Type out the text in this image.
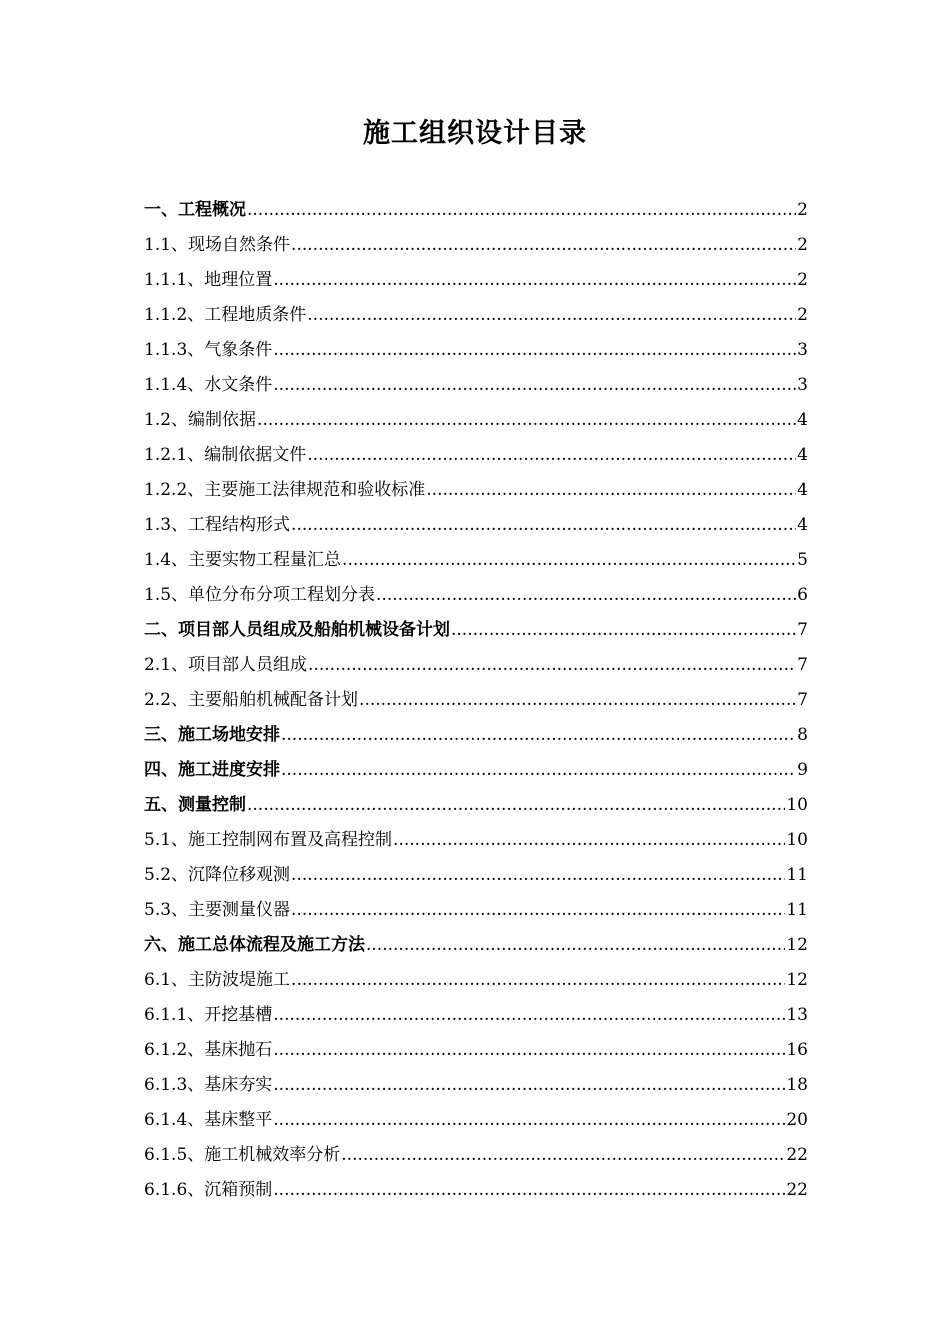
施工组织设计目录
一、工程概况 .....	2
1.1、现场自然条件 .....	2
1.1.1、地理位置 .....	2
1.1.2、工程地质条件 .....	2
1.1.3、气象条件 .....	3
1.1.4、水文条件 .....	3
1.2、编制依据 .....	4
1.2.1、编制依据文件 .....	4
1.2.2、主要施工法律规范和验收标准 .....	4
1.3、工程结构形式 .....	4
1.4、主要实物工程量汇总 .....	5
1.5、单位分布分项工程划分表 .....	6
二、项目部人员组成及船舶机械设备计划 .....	7
2.1、项目部人员组成 .....	7
2.2、主要船舶机械配备计划 .....	7
三、施工场地安排 .....	8
四、施工进度安排 .....	9
五、测量控制 .....	10
5.1、施工控制网布置及高程控制 .....	10
5.2、沉降位移观测 .....	11
5.3、主要测量仪器 .....	11
六、施工总体流程及施工方法 .....	12
6.1、主防波堤施工 .....	12
6.1.1、开挖基槽 .....	13
6.1.2、基床抛石 .....	16
6.1.3、基床夯实 .....	18
6.1.4、基床整平 .....	20
6.1.5、施工机械效率分析 .....	22
6.1.6、沉箱预制 .....	22
